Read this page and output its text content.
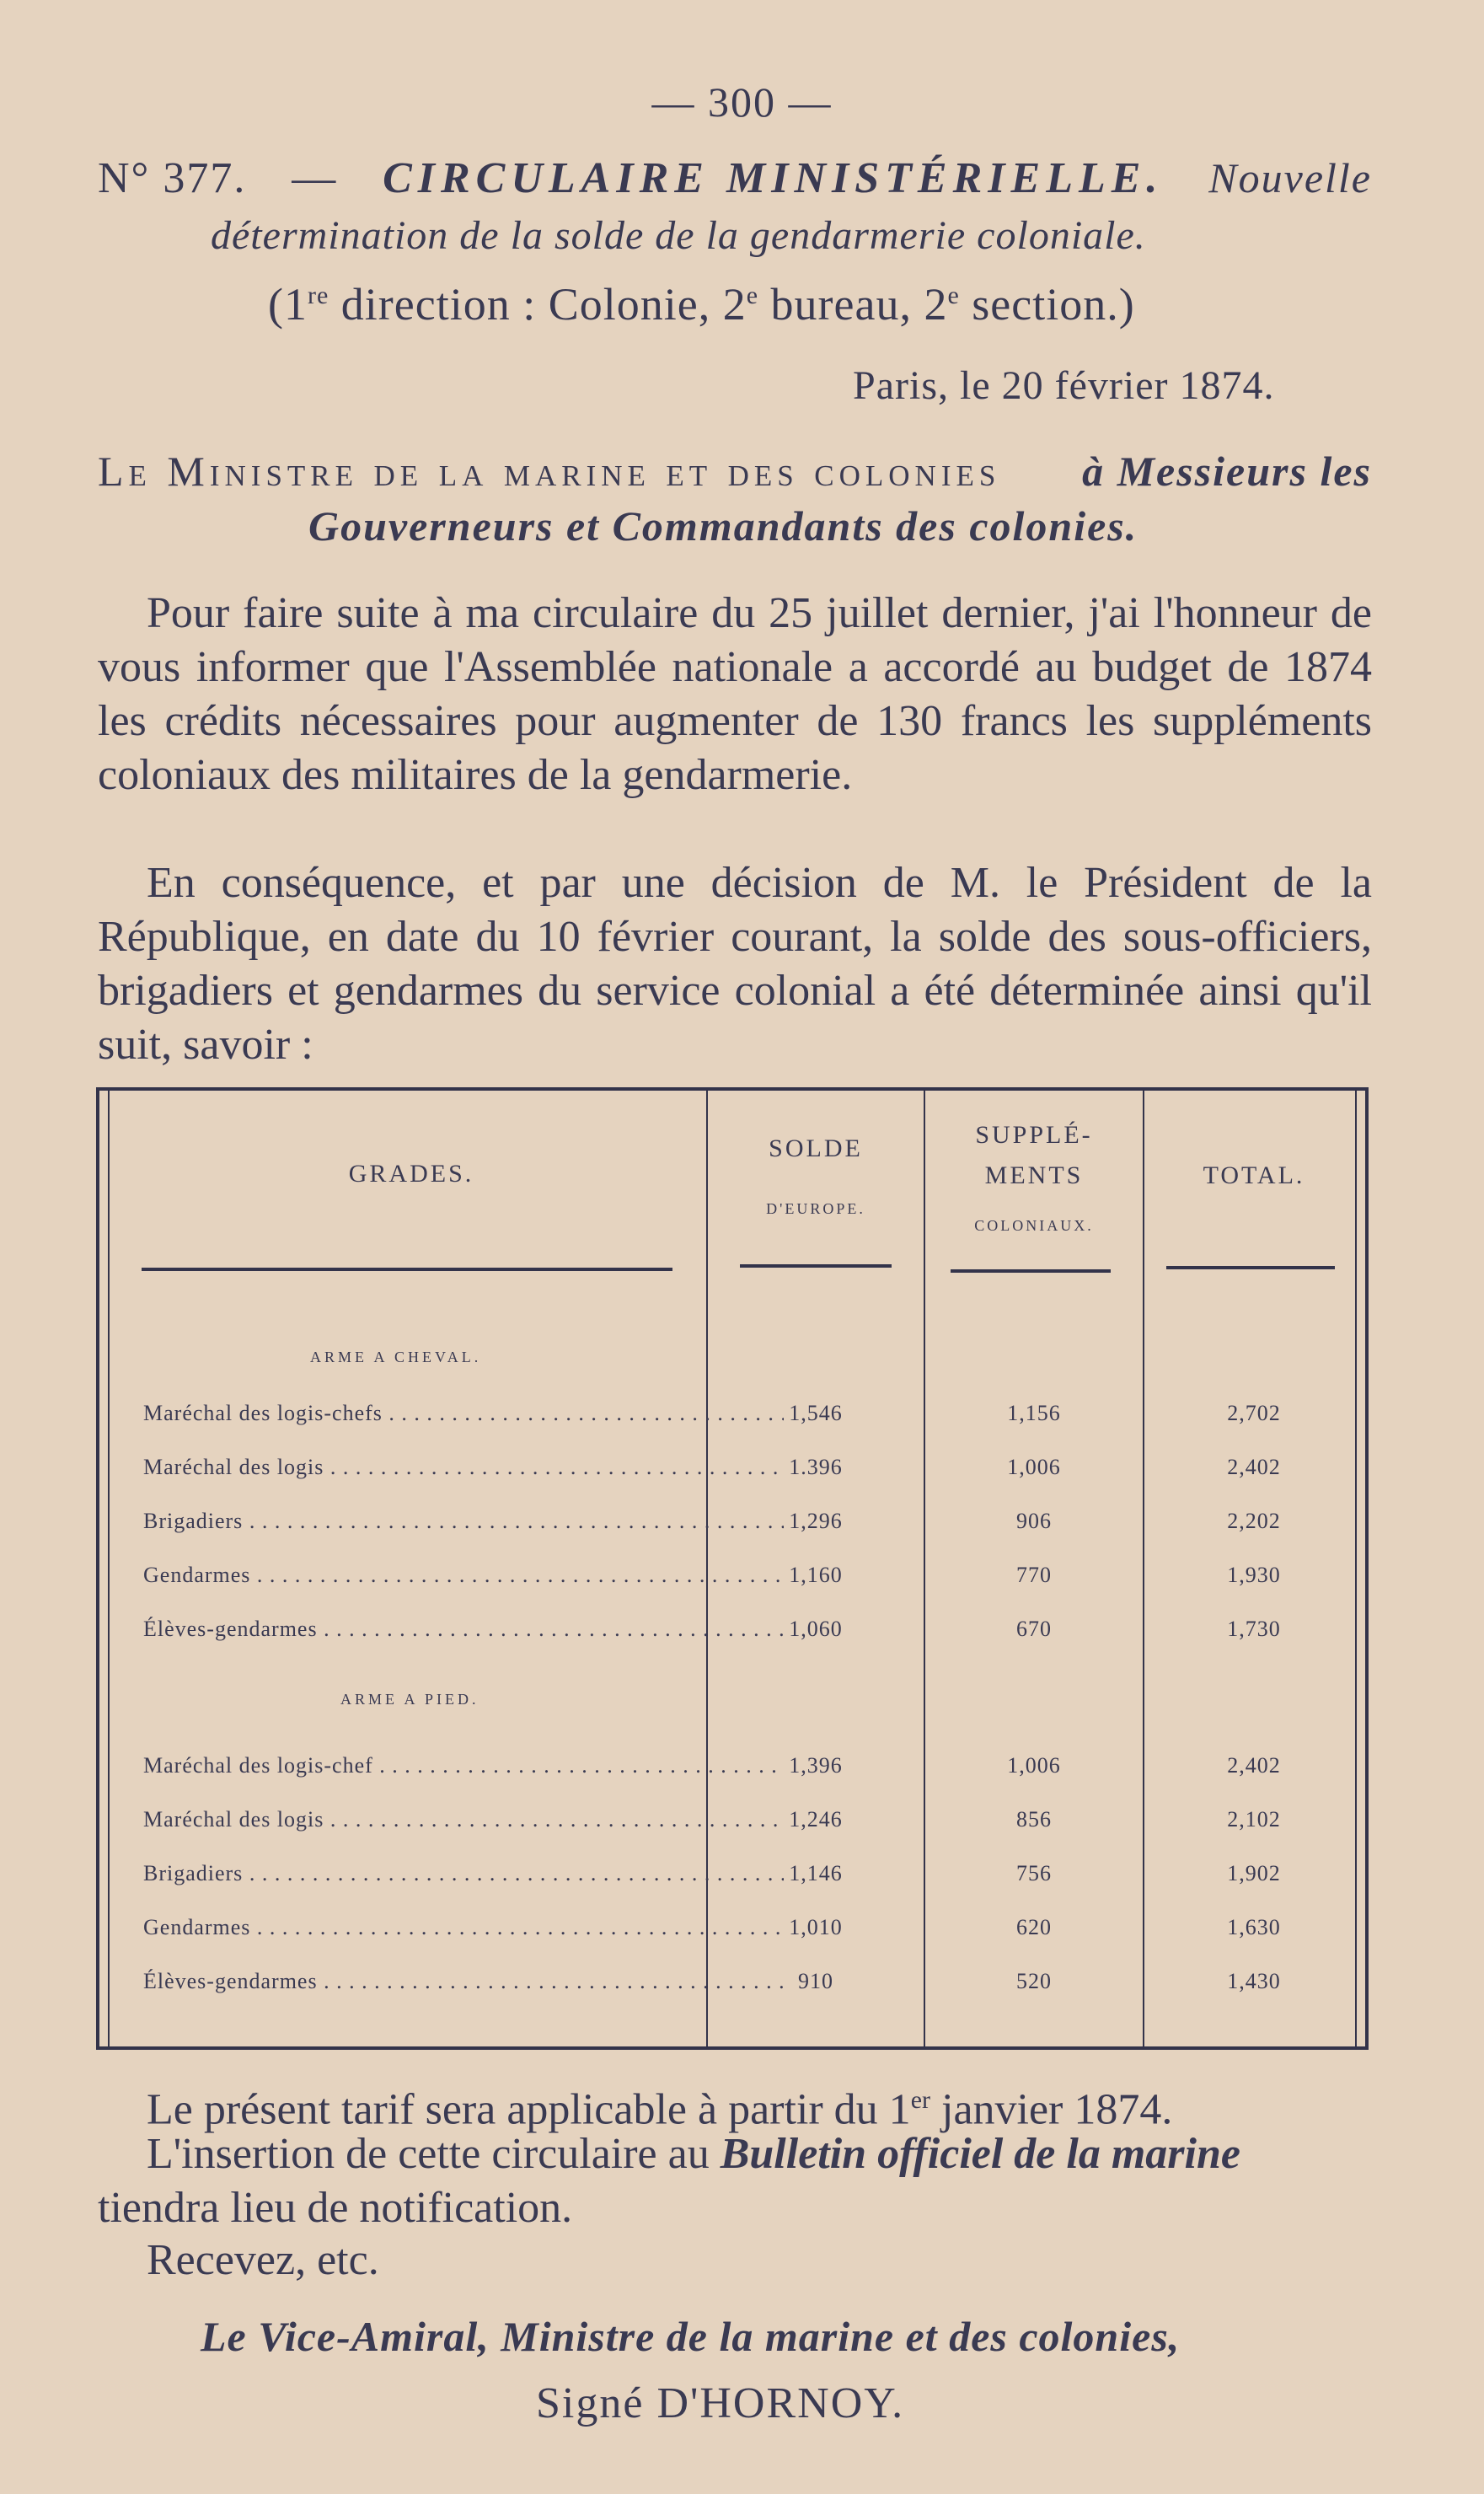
— 300 —
N° 377. — CIRCULAIRE MINISTÉRIELLE. Nouvelle
détermination de la solde de la gendarmerie coloniale.
(1re direction : Colonie, 2e bureau, 2e section.)
Paris, le 20 février 1874.
Le Ministre de la marine et des colonies à Messieurs les
Gouverneurs et Commandants des colonies.
Pour faire suite à ma circulaire du 25 juillet dernier, j'ai l'honneur de vous informer que l'Assemblée nationale a accordé au budget de 1874 les crédits nécessaires pour augmenter de 130 francs les suppléments coloniaux des militaires de la gendarmerie.
En conséquence, et par une décision de M. le Président de la République, en date du 10 février courant, la solde des sous-officiers, brigadiers et gendarmes du service colonial a été déterminée ainsi qu'il suit, savoir :
GRADES.
SOLDE
D'EUROPE.
SUPPLÉ-
MENTS
COLONIAUX.
TOTAL.
ARME A CHEVAL.
Maréchal des logis-chefs . . .	1,546	1,156	2,702
Maréchal des logis . . .	1.396	1,006	2,402
Brigadiers . . .	1,296	906	2,202
Gendarmes . . .	1,160	770	1,930
Élèves-gendarmes . . .	1,060	670	1,730
ARME A PIED.
Maréchal des logis-chef . . .	1,396	1,006	2,402
Maréchal des logis . . .	1,246	856	2,102
Brigadiers . . .	1,146	756	1,902
Gendarmes . . .	1,010	620	1,630
Élèves-gendarmes . . .	910	520	1,430
Le présent tarif sera applicable à partir du 1er janvier 1874.
L'insertion de cette circulaire au Bulletin officiel de la marine tiendra lieu de notification.
Recevez, etc.
Le Vice-Amiral, Ministre de la marine et des colonies,
Signé D'HORNOY.
